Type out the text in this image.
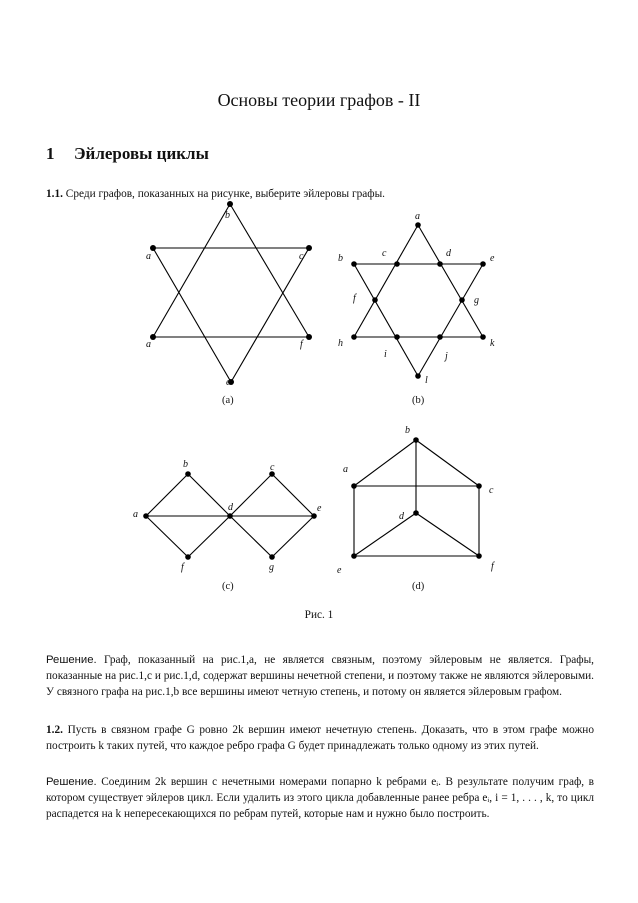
Основы теории графов - II
1 Эйлеровы циклы
1.1. Среди графов, показанных на рисунке, выберите эйлеровы графы.
b
a	c
a	f
e
a
b	c	d	e
f	g
h
i	j
k
l
a
b	c
d	e
f	g
a
b
c
d
e	f
(a)	(b)
(c)	(d)
Рис. 1
Решение. Граф, показанный на рис.1,a, не является связным, поэтому эйлеровым не является. Графы, показанные на рис.1,c и рис.1,d, содержат вершины нечетной степени, и поэтому также не являются эйлеровыми. У связного графа на рис.1,b все вершины имеют четную степень, и потому он является эйлеровым графом.
1.2. Пусть в связном графе G ровно 2k вершин имеют нечетную степень. Доказать, что в этом графе можно построить k таких путей, что каждое ребро графа G будет принадлежать только одному из этих путей.
Решение. Соединим 2k вершин с нечетными номерами попарно k ребрами eᵢ. В результате получим граф, в котором существует эйлеров цикл. Если удалить из этого цикла добавленные ранее ребра eᵢ, i = 1, . . . , k, то цикл распадется на k непересекающихся по ребрам путей, которые нам и нужно было построить.
